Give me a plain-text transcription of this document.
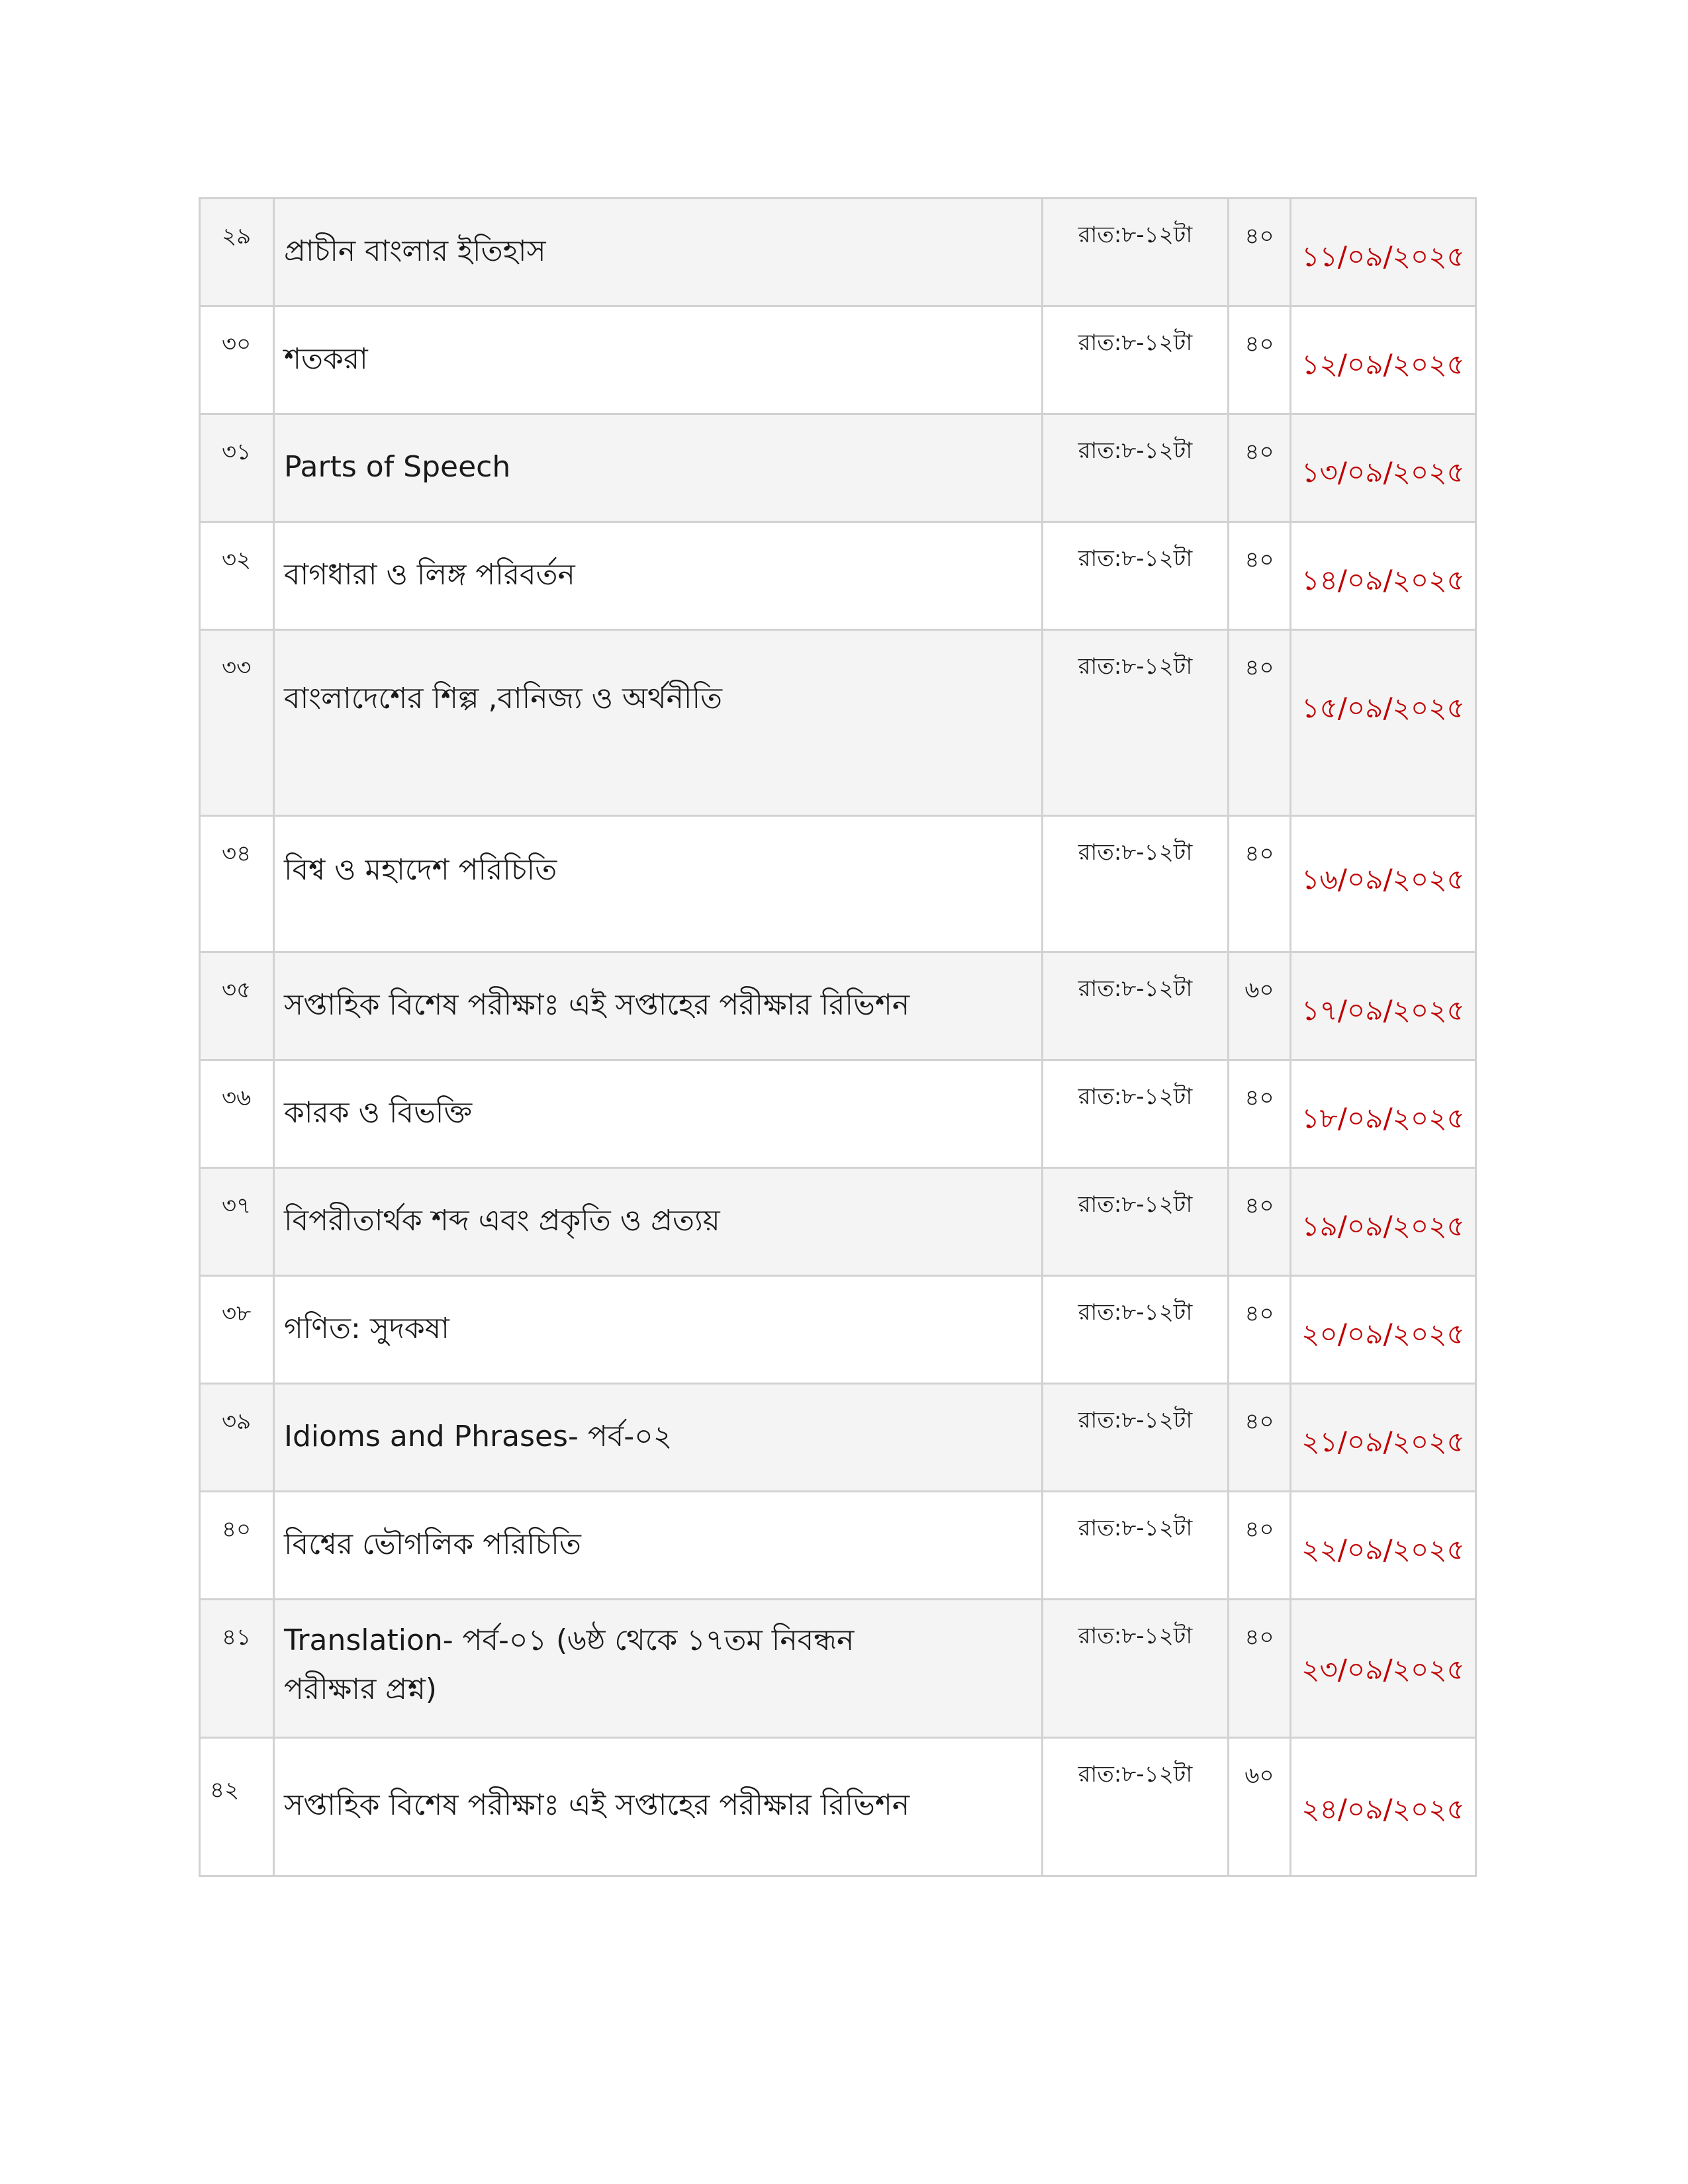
২৯	প্রাচীন বাংলার ইতিহাস	রাত:৮-১২টা	৪০	১১/০৯/২০২৫

৩০	শতকরা	রাত:৮-১২টা	৪০	১২/০৯/২০২৫

৩১	Parts of Speech	রাত:৮-১২টা	৪০	১৩/০৯/২০২৫

৩২	বাগধারা ও লিঙ্গ পরিবর্তন	রাত:৮-১২টা	৪০	১৪/০৯/২০২৫

৩৩	বাংলাদেশের শিল্প ,বানিজ্য ও অর্থনীতি	রাত:৮-১২টা	৪০	১৫/০৯/২০২৫

৩৪	বিশ্ব ও মহাদেশ পরিচিতি	রাত:৮-১২টা	৪০	১৬/০৯/২০২৫

৩৫	সপ্তাহিক বিশেষ পরীক্ষাঃ এই সপ্তাহের পরীক্ষার রিভিশন	রাত:৮-১২টা	৬০	১৭/০৯/২০২৫

৩৬	কারক ও বিভক্তি	রাত:৮-১২টা	৪০	১৮/০৯/২০২৫

৩৭	বিপরীতার্থক শব্দ এবং প্রকৃতি ও প্রত্যয়	রাত:৮-১২টা	৪০	১৯/০৯/২০২৫

৩৮	গণিত: সুদকষা	রাত:৮-১২টা	৪০	২০/০৯/২০২৫

৩৯	Idioms and Phrases- পর্ব-০২	রাত:৮-১২টা	৪০	২১/০৯/২০২৫

৪০	বিশ্বের ভৌগলিক পরিচিতি	রাত:৮-১২টা	৪০	২২/০৯/২০২৫

৪১	Translation- পর্ব-০১ (৬ষ্ঠ থেকে ১৭তম নিবন্ধন পরীক্ষার প্রশ্ন)	রাত:৮-১২টা	৪০	২৩/০৯/২০২৫

৪২	সপ্তাহিক বিশেষ পরীক্ষাঃ এই সপ্তাহের পরীক্ষার রিভিশন	রাত:৮-১২টা	৬০	২৪/০৯/২০২৫
